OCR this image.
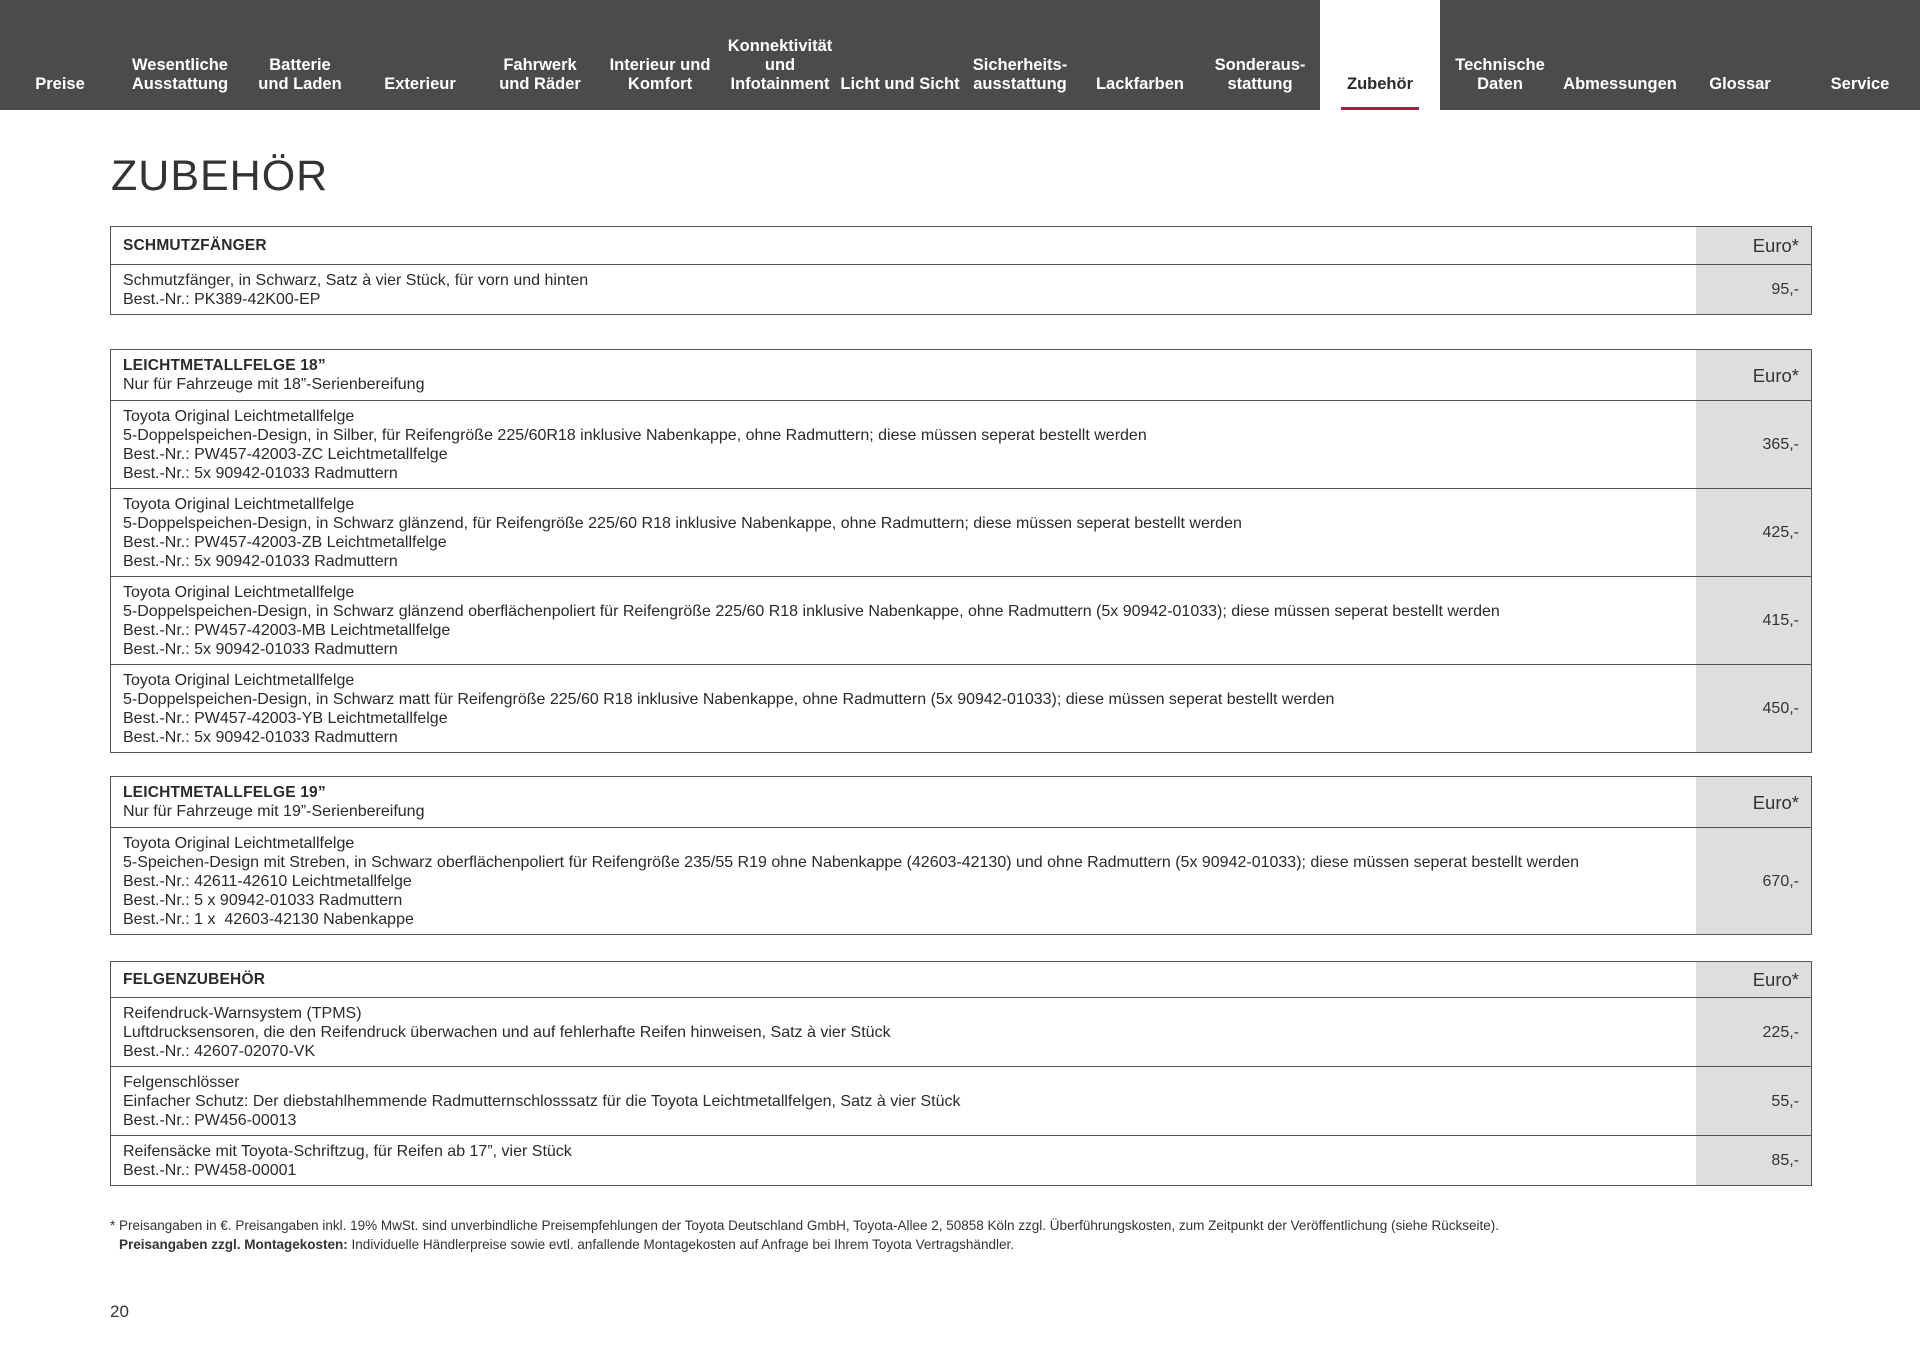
Preise
Wesentliche
Ausstattung
Batterie
und Laden	Exterieur
Fahrwerk
und Räder
Interieur und
Komfort
Konnektivität
und
Infotainment Licht und Sicht
Sicherheits-
ausstattung Lackfarben
Sonderaus-
stattung	Zubehör
Technische
Daten	Abmessungen Glossar	Service
ZUBEHÖR
SCHMUTZFÄNGER	Euro*

Schmutzfänger, in Schwarz, Satz à vier Stück, für vorn und hinten
Best.-Nr.: PK389-42K00-EP	95,-
LEICHTMETALLFELGE 18”
Nur für Fahrzeuge mit 18”-Serienbereifung	Euro*

Toyota Original Leichtmetallfelge
5-Doppelspeichen-Design, in Silber, für Reifengröße 225/60R18 inklusive Nabenkappe, ohne Radmuttern; diese müssen seperat bestellt werden
Best.-Nr.: PW457-42003-ZC Leichtmetallfelge
Best.-Nr.: 5x 90942-01033 Radmuttern	365,-

Toyota Original Leichtmetallfelge
5-Doppelspeichen-Design, in Schwarz glänzend, für Reifengröße 225/60 R18 inklusive Nabenkappe, ohne Radmuttern; diese müssen seperat bestellt werden
Best.-Nr.: PW457-42003-ZB Leichtmetallfelge
Best.-Nr.: 5x 90942-01033 Radmuttern	425,-

Toyota Original Leichtmetallfelge
5-Doppelspeichen-Design, in Schwarz glänzend oberflächenpoliert für Reifengröße 225/60 R18 inklusive Nabenkappe, ohne Radmuttern (5x 90942-01033); diese müssen seperat bestellt werden
Best.-Nr.: PW457-42003-MB Leichtmetallfelge
Best.-Nr.: 5x 90942-01033 Radmuttern	415,-

Toyota Original Leichtmetallfelge
5-Doppelspeichen-Design, in Schwarz matt für Reifengröße 225/60 R18 inklusive Nabenkappe, ohne Radmuttern (5x 90942-01033); diese müssen seperat bestellt werden
Best.-Nr.: PW457-42003-YB Leichtmetallfelge
Best.-Nr.: 5x 90942-01033 Radmuttern	450,-
LEICHTMETALLFELGE 19”
Nur für Fahrzeuge mit 19”-Serienbereifung	Euro*

Toyota Original Leichtmetallfelge
5-Speichen-Design mit Streben, in Schwarz oberflächenpoliert für Reifengröße 235/55 R19 ohne Nabenkappe (42603-42130) und ohne Radmuttern (5x 90942-01033); diese müssen seperat bestellt werden
Best.-Nr.: 42611-42610 Leichtmetallfelge
Best.-Nr.: 5 x 90942-01033 Radmuttern
Best.-Nr.: 1 x  42603-42130 Nabenkappe	670,-
FELGENZUBEHÖR	Euro*

Reifendruck-Warnsystem (TPMS)
Luftdrucksensoren, die den Reifendruck überwachen und auf fehlerhafte Reifen hinweisen, Satz à vier Stück
Best.-Nr.: 42607-02070-VK	225,-

Felgenschlösser
Einfacher Schutz: Der diebstahlhemmende Radmutternschlosssatz für die Toyota Leichtmetallfelgen, Satz à vier Stück
Best.-Nr.: PW456-00013	55,-

Reifensäcke mit Toyota-Schriftzug, für Reifen ab 17”, vier Stück
Best.-Nr.: PW458-00001	85,-
* Preisangaben in €. Preisangaben inkl. 19% MwSt. sind unverbindliche Preisempfehlungen der Toyota Deutschland GmbH, Toyota-Allee 2, 50858 Köln zzgl. Überführungskosten, zum Zeitpunkt der Veröffentlichung (siehe Rückseite).
Preisangaben zzgl. Montagekosten: Individuelle Händlerpreise sowie evtl. anfallende Montagekosten auf Anfrage bei Ihrem Toyota Vertragshändler.
20
